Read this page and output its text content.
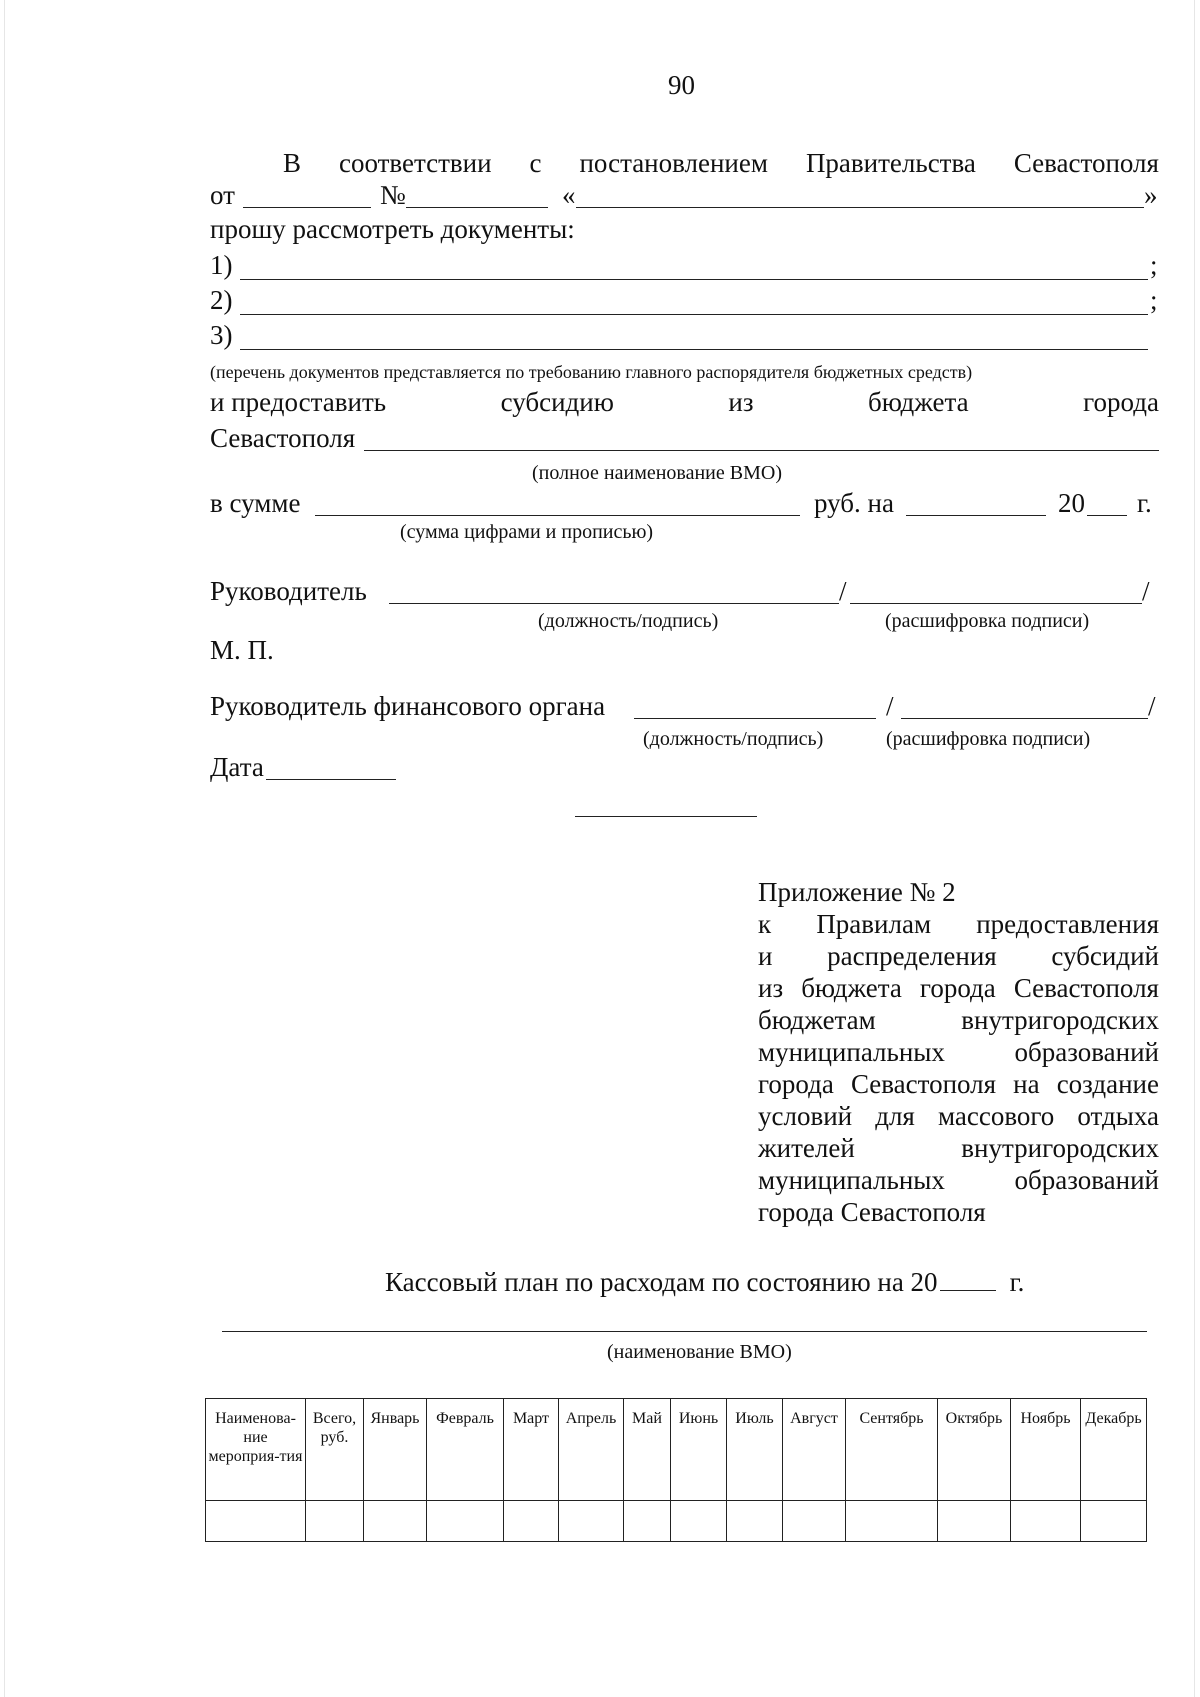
90
В соответствии с постановлением Правительства Севастополя
от	№	«	»
прошу рассмотреть документы:
1)	;
2)	;
3)
(перечень документов представляется по требованию главного распорядителя бюджетных средств)
и предоставить	субсидию	из	бюджета	города
Севастополя
(полное наименование ВМО)
в сумме	руб. на	20 г.
(сумма цифрами и прописью)
Руководитель	/	/
(должность/подпись)	(расшифровка подписи)
М. П.
Руководитель финансового органа	/	/
(должность/подпись)	(расшифровка подписи)
Дата
Приложение № 2
к Правилам предоставления
и распределения субсидий
из бюджета города Севастополя
бюджетам	внутригородских
муниципальных	образований
города Севастополя на создание
условий для массового отдыха
жителей	внутригородских
муниципальных	образований
города Севастополя
Кассовый план по расходам по состоянию на 20	г.
(наименование ВМО)
Наименова-ние мероприя-тия	Всего, руб.	Январь	Февраль	Март	Апрель	Май	Июнь	Июль	Август	Сентябрь	Октябрь	Ноябрь	Декабрь
